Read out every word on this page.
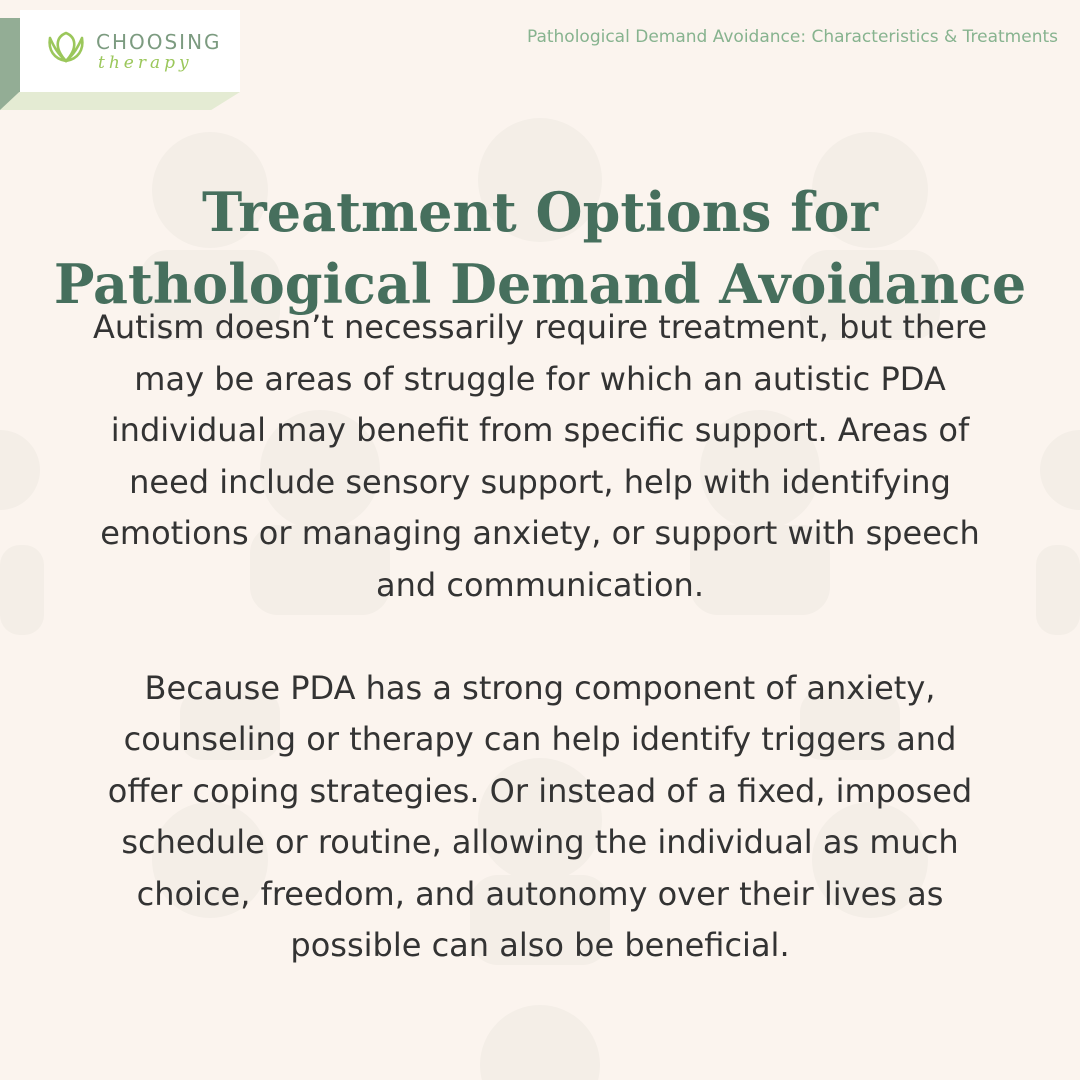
CHOOSING
therapy
Pathological Demand Avoidance: Characteristics & Treatments
Treatment Options for
Pathological Demand Avoidance

Autism doesn’t necessarily require treatment, but there may be areas of struggle for which an autistic PDA individual may benefit from specific support. Areas of need include sensory support, help with identifying emotions or managing anxiety, or support with speech and communication.

Because PDA has a strong component of anxiety, counseling or therapy can help identify triggers and offer coping strategies. Or instead of a fixed, imposed schedule or routine, allowing the individual as much choice, freedom, and autonomy over their lives as possible can also be beneficial.
